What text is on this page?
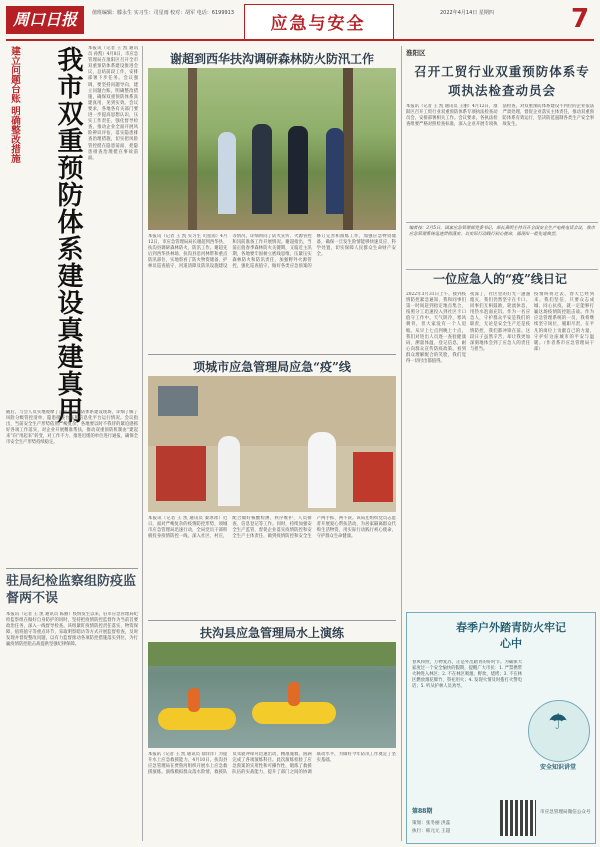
周口日报	值班编辑：滕永生 实习生：司星雨 校对：胡军 电话：6199913	2022年4月14日 星期四
应急与安全	7
建立问题台账 明确整改措施	我市双重预防体系建设真建真用 本报讯（记者 王 凯 通讯员 孙凯）4月8日，市应急管理局在淮阳区召开全市双重预防体系建设推进会议，总结前段工作，安排部署下步任务。会议强调，要坚持问题导向，建立问题台账，明确整改措施，确保双重预防体系真建真用、见到实效。会议要求，各地各有关部门要进一步提高思想认识，压实工作责任，强化督导检查，推动企业全面开展风险辨识评估，落实隐患排查治理措施，切实把风险管控挺在隐患前面、把隐患排查治理挺在事故前面。
随后，与会人员实地观摩了企业双重预防体系建设现场，详细了解了风险分级管控清单、隐患排查台账和信息化平台运行情况。会议指出，当前安全生产形势依然严峻复杂，各地要以时不我待的紧迫感抓好各项工作落实，对企业开展精准帮扶，推动双重预防机制由“建起来”向“用起来”转变，对工作不力、推进迟缓的单位进行通报，确保全市安全生产形势持续稳定。
驻局纪检监察组防疫监督两不误
本报讯（记者 王 凯 通讯员 陈丽）疫情发生以来，驻市应急管理局纪检监察组在做好自身防护的同时，坚持把疫情防控监督作为当前首要政治任务，深入一线督导检查。该组紧盯疫情防控责任落实、物资保障、值班值守等重点环节，采取明察暗访等方式开展监督检查，及时发现并督促整改问题，以有力监督推动各项防控措施落实到位，为打赢疫情防控阻击战提供坚强纪律保障。
谢超到西华扶沟调研森林防火防汛工作
本报讯（记者 王 凯 实习生 司星雨）4月12日，市应急管理局局长谢超到西华县、扶沟县调研森林防火、防汛工作。谢超先后到西华县林场、扶沟县沿河林带和重点防汛部位，实地察看了防火物资储备、护林员巡查值守、河道清障及防汛设施建设等情况，详细询问了防火宣传、火源管控和汛前准备工作开展情况。谢超指出，当前正值春季森林防火关键期，又临近主汛期，各地要牢固树立底线思维，压紧压实森林防火和防汛责任，加强野外火源管控，强化巡查值守，做好各类应急预案的修订完善和演练工作，加强应急物资储备，确保一旦发生险情能够快速反应、科学处置，切实保障人民群众生命财产安全。
项城市应急管理局应急“疫”线
本报讯（记者 王 凯 通讯员 秦冰冰）近日，面对严峻复杂的疫情防控形势，项城市应急管理局迅速行动，全局党员干部积极投身疫情防控一线，深入社区、村庄，配合做好核酸检测、秩序维护、人员排查、信息登记等工作。同时，持续加强安全生产监管，督促企业落实疫情防控和安全生产主体责任，做到疫情防控和安全生产两手抓、两不误。该局还组织党员志愿者开展爱心帮扶活动，为居家隔离群众代购生活物资，用实际行动践行初心使命，守护群众生命健康。
扶沟县应急管理局水上演练
本报讯（记者 王 凯 通讯员 徐洋洋）为提升水上应急救援能力，4月10日，扶沟县应急管理局在贾鲁河组织开展水上应急救援演练。演练模拟群众落水险情，救援队员驾驶冲锋舟迅速出动，精准施救，圆满完成了各项演练科目。此次演练检验了应急预案的实用性和可操作性，锻炼了救援队伍的实战能力，提升了部门之间的协调联动水平，为做好今年防汛工作奠定了坚实基础。
淮阳区
召开工贸行业双重预防体系专项执法检查动员会
本报讯（记者 王 凯 通讯员 王丽）4月12日，淮阳区召开工贸行业双重预防体系专项执法检查动员会，安排部署相关工作。会议要求，各执法检查组要严格对照检查标准，深入企业开展专项执法检查，对双重预防体系建设不到位的企业依法严肃处理，督促企业落实主体责任，推动双重预防体系有效运行，坚决防范遏制各类生产安全事故发生。
编者按：3月5日，国家应急管理部党委书记、部长黄明主持召开全国安全生产电视电话会议，我市应急管理系统迅速贯彻落实，以实际行动践行初心使命，涌现出一批先进典型。
一位应急人的“疫”线日记
2022年3月31日上午，接到疫情防控紧急通知，我和同事们第一时间赶到指定地点集合，按照分工迅速投入到社区卡口值守工作中。天气阴冷，寒风刺骨，但大家没有一个人退缩。从早上七点到晚上十点，我们对进出人员逐一查验健康码、测量体温、登记信息，耐心向群众宣传防疫政策。看到群众理解配合的笑脸，我们觉得一切付出都值得。
夜深了，社区里的灯光一盏盏熄灭，我们仍然坚守在卡口。同事们互相鼓励，轮流休息，用热水泡面充饥。作为一名应急人，守护群众平安是我们的职责，无论是安全生产还是疫情防控，我们都冲锋在前。这段日子虽然辛苦，却让我更加深刻地体会到了应急人的责任与担当。
疫情终将过去，春天已经到来。我们坚信，只要众志成城、同心抗疫，就一定能够打赢这场疫情防控阻击战。作为应急管理系统的一员，我将继续坚守岗位，履职尽责，在平凡的岗位上贡献自己的力量，守护好这座城市的平安与温暖。（作者系市应急管理局干部）
春季户外踏青防火牢记心中
春风和煦，万物复苏，正是外出踏青的好时节。为确保大家度过一个安全愉快的假期，提醒广大市民：1. 严禁携带火种进入林区；2. 不在林区吸烟、野炊、烧烤；3. 不在林区燃放烟花爆竹、祭祀用火；4. 发现火情及时拨打火警电话；5. 听从护林人员劝导。
☂
安全知识讲堂
第88期	市应急管理局微信公众号
策划：张冬丽 洪蕊
执行：韩元元 王超
